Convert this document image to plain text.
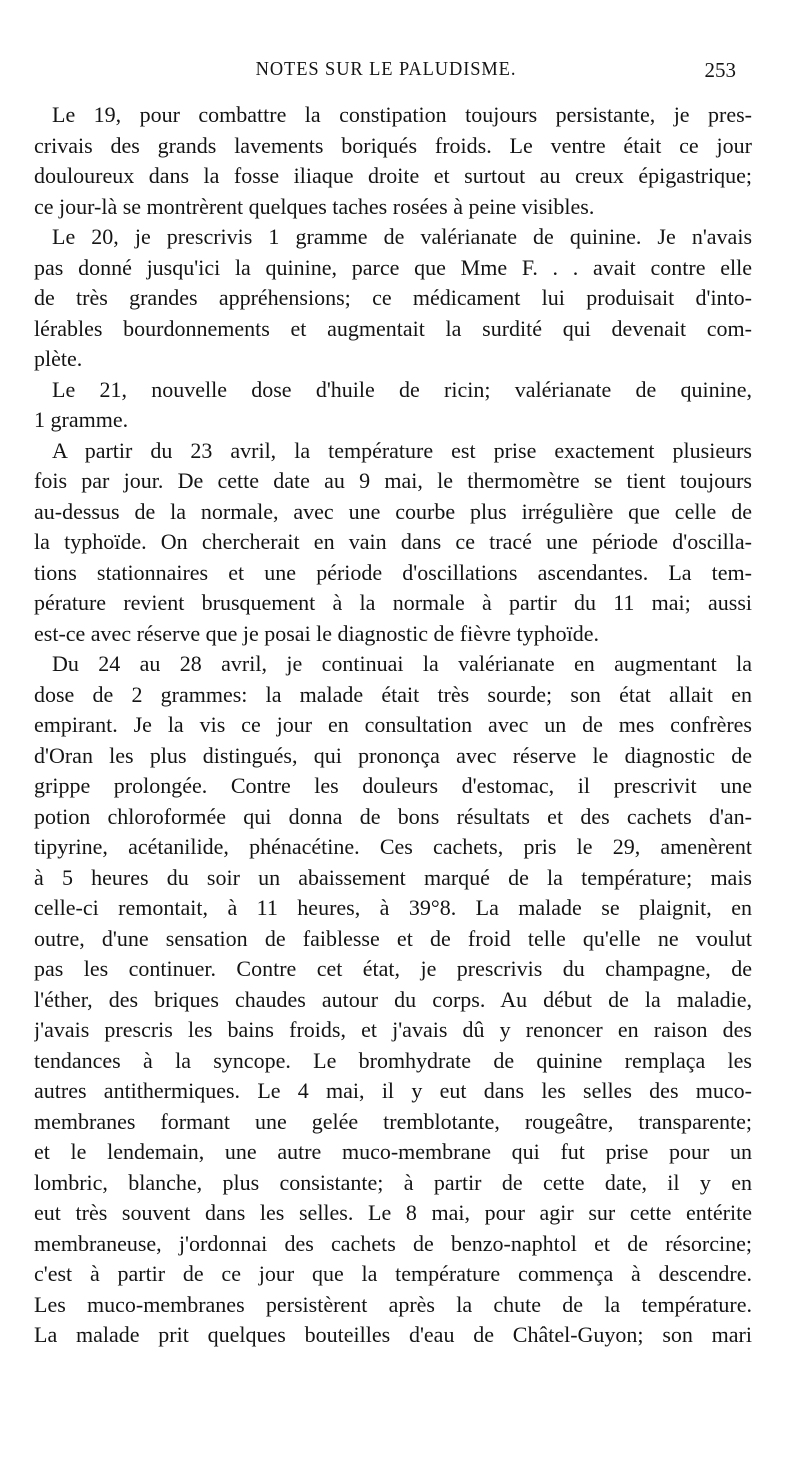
NOTES SUR LE PALUDISME.	253
Le 19, pour combattre la constipation toujours persistante, je pres-
crivais des grands lavements boriqués froids. Le ventre était ce jour
douloureux dans la fosse iliaque droite et surtout au creux épigastrique;
ce jour-là se montrèrent quelques taches rosées à peine visibles.
Le 20, je prescrivis 1 gramme de valérianate de quinine. Je n'avais
pas donné jusqu'ici la quinine, parce que Mme F. . . avait contre elle
de très grandes appréhensions; ce médicament lui produisait d'into-
lérables bourdonnements et augmentait la surdité qui devenait com-
plète.
Le 21, nouvelle dose d'huile de ricin; valérianate de quinine,
1 gramme.
A partir du 23 avril, la température est prise exactement plusieurs
fois par jour. De cette date au 9 mai, le thermomètre se tient toujours
au-dessus de la normale, avec une courbe plus irrégulière que celle de
la typhoïde. On chercherait en vain dans ce tracé une période d'oscilla-
tions stationnaires et une période d'oscillations ascendantes. La tem-
pérature revient brusquement à la normale à partir du 11 mai; aussi
est-ce avec réserve que je posai le diagnostic de fièvre typhoïde.
Du 24 au 28 avril, je continuai la valérianate en augmentant la
dose de 2 grammes: la malade était très sourde; son état allait en
empirant. Je la vis ce jour en consultation avec un de mes confrères
d'Oran les plus distingués, qui prononça avec réserve le diagnostic de
grippe prolongée. Contre les douleurs d'estomac, il prescrivit une
potion chloroformée qui donna de bons résultats et des cachets d'an-
tipyrine, acétanilide, phénacétine. Ces cachets, pris le 29, amenèrent
à 5 heures du soir un abaissement marqué de la température; mais
celle-ci remontait, à 11 heures, à 39°8. La malade se plaignit, en
outre, d'une sensation de faiblesse et de froid telle qu'elle ne voulut
pas les continuer. Contre cet état, je prescrivis du champagne, de
l'éther, des briques chaudes autour du corps. Au début de la maladie,
j'avais prescris les bains froids, et j'avais dû y renoncer en raison des
tendances à la syncope. Le bromhydrate de quinine remplaça les
autres antithermiques. Le 4 mai, il y eut dans les selles des muco-
membranes formant une gelée tremblotante, rougeâtre, transparente;
et le lendemain, une autre muco-membrane qui fut prise pour un
lombric, blanche, plus consistante; à partir de cette date, il y en
eut très souvent dans les selles. Le 8 mai, pour agir sur cette entérite
membraneuse, j'ordonnai des cachets de benzo-naphtol et de résorcine;
c'est à partir de ce jour que la température commença à descendre.
Les muco-membranes persistèrent après la chute de la température.
La malade prit quelques bouteilles d'eau de Châtel-Guyon; son mari
